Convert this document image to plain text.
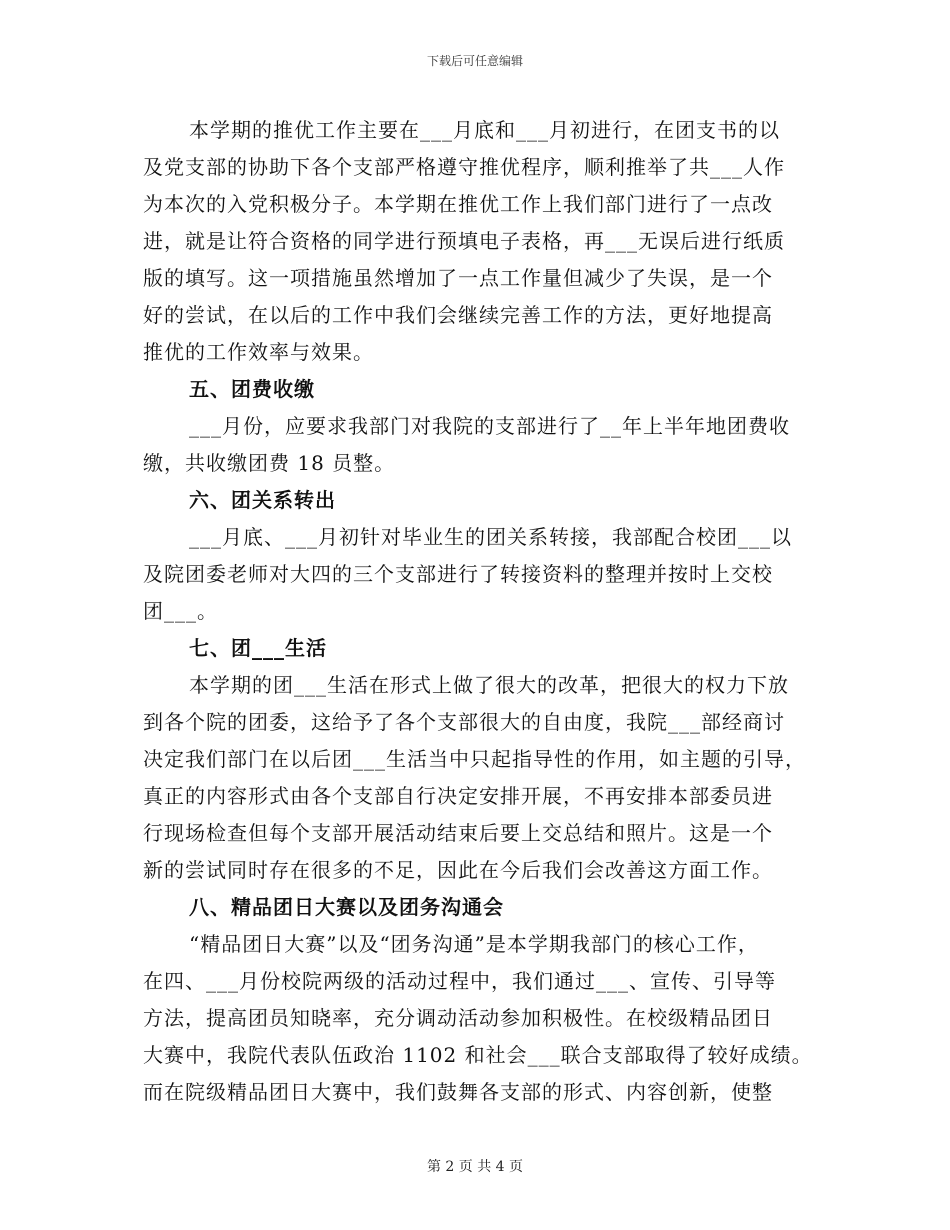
下载后可任意编辑
本学期的推优工作主要在___月底和___月初进行，在团支书的以
及党支部的协助下各个支部严格遵守推优程序，顺利推举了共___人作
为本次的入党积极分子。本学期在推优工作上我们部门进行了一点改
进，就是让符合资格的同学进行预填电子表格，再___无误后进行纸质
版的填写。这一项措施虽然增加了一点工作量但减少了失误，是一个
好的尝试，在以后的工作中我们会继续完善工作的方法，更好地提高
推优的工作效率与效果。
五、团费收缴
___月份，应要求我部门对我院的支部进行了__年上半年地团费收
缴，共收缴团费 18 员整。
六、团关系转出
___月底、___月初针对毕业生的团关系转接，我部配合校团___以
及院团委老师对大四的三个支部进行了转接资料的整理并按时上交校
团___。
七、团___生活
本学期的团___生活在形式上做了很大的改革，把很大的权力下放
到各个院的团委，这给予了各个支部很大的自由度，我院___部经商讨
决定我们部门在以后团___生活当中只起指导性的作用，如主题的引导，
真正的内容形式由各个支部自行决定安排开展，不再安排本部委员进
行现场检查但每个支部开展活动结束后要上交总结和照片。这是一个
新的尝试同时存在很多的不足，因此在今后我们会改善这方面工作。
八、精品团日大赛以及团务沟通会
“精品团日大赛”以及“团务沟通”是本学期我部门的核心工作，
在四、___月份校院两级的活动过程中，我们通过___、宣传、引导等
方法，提高团员知晓率，充分调动活动参加积极性。在校级精品团日
大赛中，我院代表队伍政治 1102 和社会___联合支部取得了较好成绩。
而在院级精品团日大赛中，我们鼓舞各支部的形式、内容创新，使整
第 2 页 共 4 页
